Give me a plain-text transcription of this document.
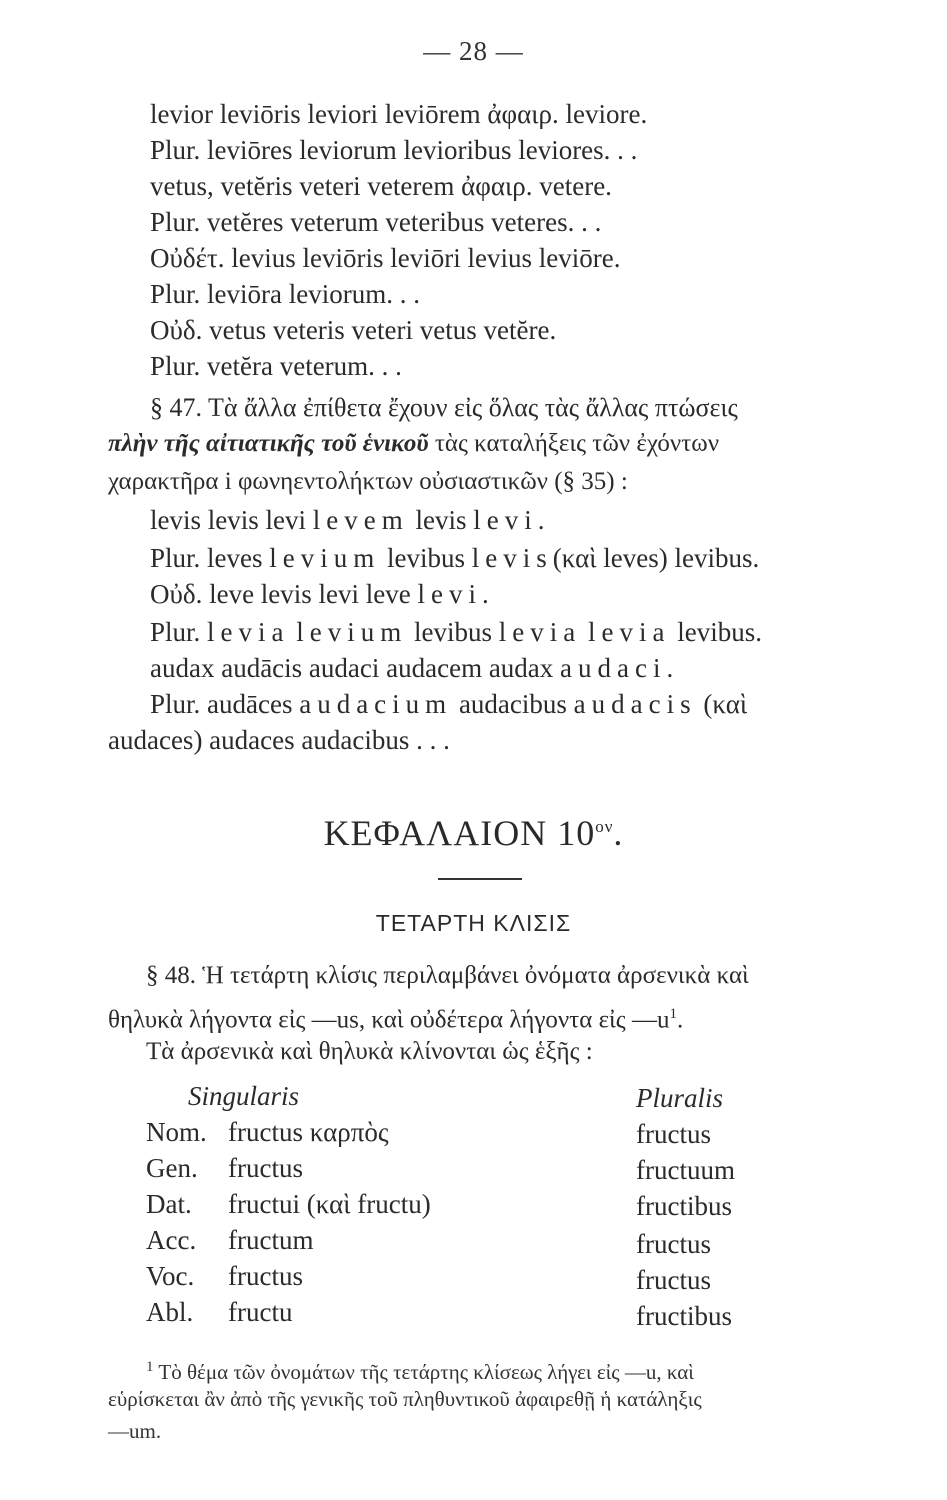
— 28 —
levior leviōris leviori leviōrem ἀφαιρ. leviore.
Plur. leviōres leviorum levioribus leviores. . .
vetus, vetĕris veteri veterem ἀφαιρ. vetere.
Plur. vetĕres veterum veteribus veteres. . .
Οὐδέτ. levius leviōris leviōri levius leviōre.
Plur. leviōra leviorum. . .
Οὐδ. vetus veteris veteri vetus vetĕre.
Plur. vetĕra veterum. . .
§ 47. Τὰ ἄλλα ἐπίθετα ἔχουν εἰς ὅλας τὰς ἄλλας πτώσεις
πλὴν τῆς αἰτιατικῆς τοῦ ἑνικοῦ τὰς καταλήξεις τῶν ἐχόντων
χαρακτῆρα i φωνηεντολήκτων οὐσιαστικῶν (§ 35) :
levis levis levi levem levis levi.
Plur. leves levium levibus levis(καὶ leves) levibus.
Οὐδ. leve levis levi leve levi.
Plur. levia levium levibus levia levia levibus.
audax audācis audaci audacem audax audaci.
Plur. audāces audacium audacibus audacis (καὶ
audaces) audaces audacibus . . .
ΚΕΦΑΛΑΙΟΝ $10^{o\nu}$.
ΤΕΤΑΡΤΗ ΚΛΙΣΙΣ
§ 48. Ἡ τετάρτη κλίσις περιλαμβάνει ὀνόματα ἀρσενικὰ καὶ
θηλυκὰ λήγοντα εἰς —us, καὶ οὐδέτερα λήγοντα εἰς $—u^1$.
Τὰ ἀρσενικὰ καὶ θηλυκὰ κλίνονται ὡς ἑξῆς :
Singularis	Pluralis
Nom. fructus καρπὸς	fructus
Gen. fructus	fructuum
Dat. fructui (καὶ fructu)	fructibus
Acc. fructum	fructus
Voc. fructus	fructus
Abl. fructu	fructibus
$^1$ Τὸ θέμα τῶν ὀνομάτων τῆς τετάρτης κλίσεως λήγει εἰς —u, καὶ
εὑρίσκεται ἂν ἀπὸ τῆς γενικῆς τοῦ πληθυντικοῦ ἀφαιρεθῇ ἡ κατάληξις
—um.
